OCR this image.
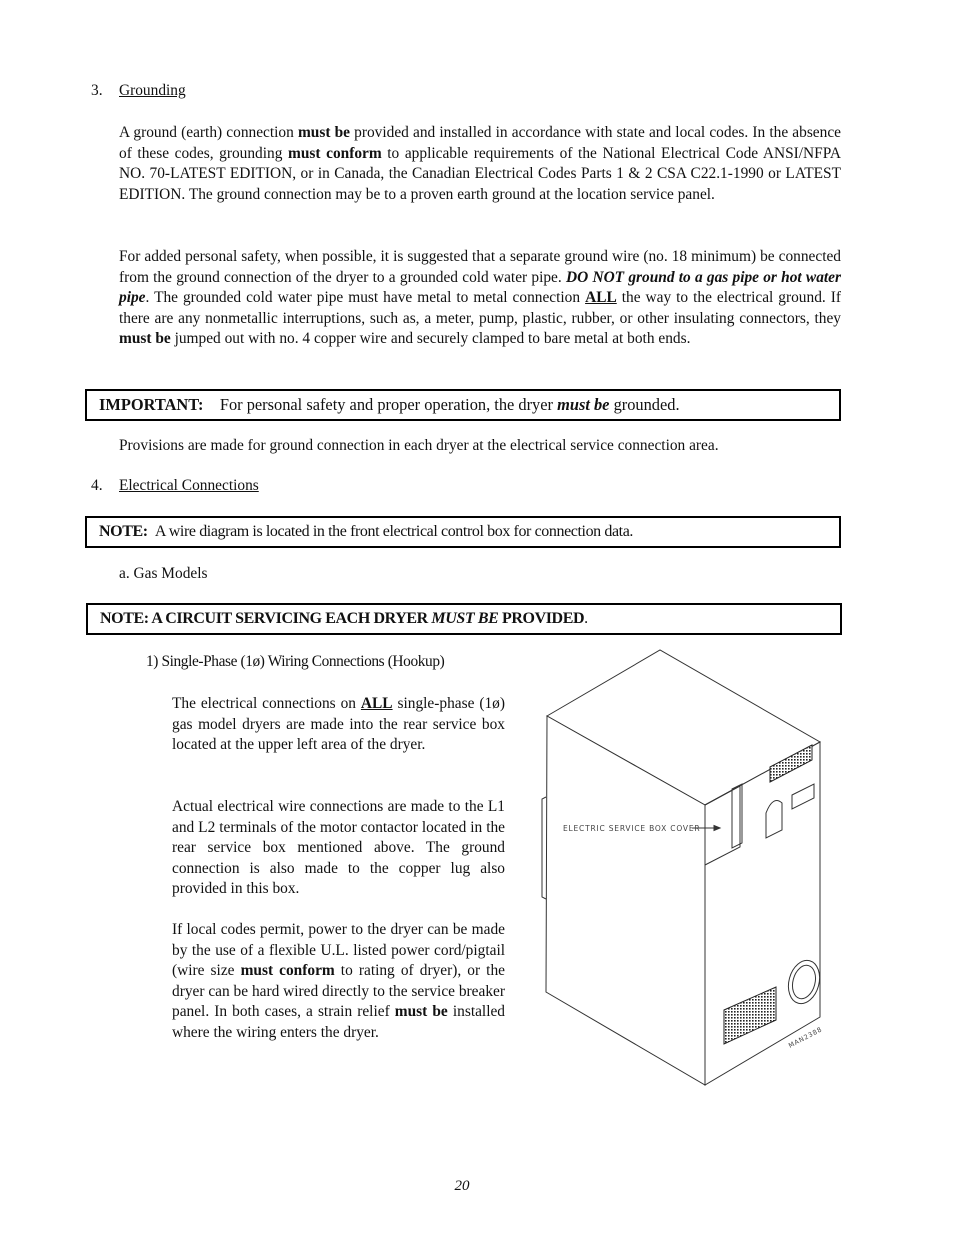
3. Grounding
A ground (earth) connection must be provided and installed in accordance with state and local codes. In the absence of these codes, grounding must conform to applicable requirements of the National Electrical Code ANSI/NFPA NO. 70-LATEST EDITION, or in Canada, the Canadian Electrical Codes Parts 1 & 2 CSA C22.1-1990 or LATEST EDITION. The ground connection may be to a proven earth ground at the location service panel.
For added personal safety, when possible, it is suggested that a separate ground wire (no. 18 minimum) be connected from the ground connection of the dryer to a grounded cold water pipe. DO NOT ground to a gas pipe or hot water pipe. The grounded cold water pipe must have metal to metal connection ALL the way to the electrical ground. If there are any nonmetallic interruptions, such as, a meter, pump, plastic, rubber, or other insulating connectors, they must be jumped out with no. 4 copper wire and securely clamped to bare metal at both ends.
IMPORTANT: For personal safety and proper operation, the dryer must be grounded.
Provisions are made for ground connection in each dryer at the electrical service connection area.
4. Electrical Connections
NOTE: A wire diagram is located in the front electrical control box for connection data.
a. Gas Models
NOTE: A CIRCUIT SERVICING EACH DRYER MUST BE PROVIDED.
1) Single-Phase (1ø) Wiring Connections (Hookup)
The electrical connections on ALL single-phase (1ø) gas model dryers are made into the rear service box located at the upper left area of the dryer.
Actual electrical wire connections are made to the L1 and L2 terminals of the motor contactor located in the rear service box mentioned above. The ground connection is also made to the copper lug also provided in this box.
If local codes permit, power to the dryer can be made by the use of a flexible U.L. listed power cord/pigtail (wire size must conform to rating of dryer), or the dryer can be hard wired directly to the service breaker panel. In both cases, a strain relief must be installed where the wiring enters the dryer.
ELECTRIC SERVICE BOX COVER
MAN2388
20
